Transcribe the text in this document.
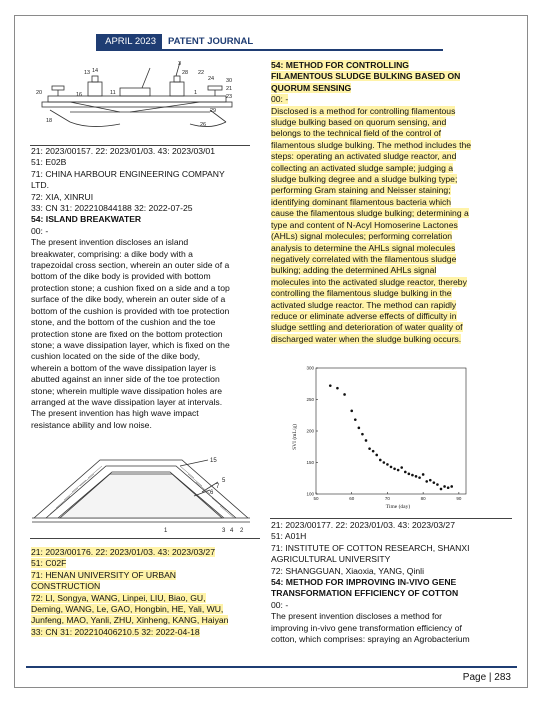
APRIL 2023	PATENT JOURNAL
3
28
13 14
11
16
22
24 30
20
21
23
1
29
18
26

21: 2023/00157. 22: 2023/01/03. 43: 2023/03/01

51: E02B

71: CHINA HARBOUR ENGINEERING COMPANY

LTD.

72: XIA, XINRUI

33: CN 31: 202210844188 32: 2022-07-25

54: ISLAND BREAKWATER

00: -

The present invention discloses an island

breakwater, comprising: a dike body with a

trapezoidal cross section, wherein an outer side of a

bottom of the dike body is provided with bottom

protection stone; a cushion fixed on a side and a top

surface of the dike body, wherein an outer side of a

bottom of the cushion is provided with toe protection

stone, and the bottom of the cushion and the toe

protection stone are fixed on the bottom protection

stone; a wave dissipation layer, which is fixed on the

cushion located on the side of the dike body,

wherein a bottom of the wave dissipation layer is

abutted against an inner side of the toe protection

stone; wherein multiple wave dissipation holes are

arranged at the wave dissipation layer at intervals.

The present invention has high wave impact

resistance ability and low noise.

15
5
7
6
1	3 4 2

21: 2023/00176. 22: 2023/01/03. 43: 2023/03/27

51: C02F

71: HENAN UNIVERSITY OF URBAN

CONSTRUCTION

72: LI, Songya, WANG, Linpei, LIU, Biao, GU,

Deming, WANG, Le, GAO, Hongbin, HE, Yali, WU,

Junfeng, MAO, Yanli, ZHU, Xinheng, KANG, Haiyan

33: CN 31: 202210406210.5 32: 2022-04-18

54: METHOD FOR CONTROLLING

FILAMENTOUS SLUDGE BULKING BASED ON

QUORUM SENSING

00: -

Disclosed is a method for controlling filamentous

sludge bulking based on quorum sensing, and

belongs to the technical field of the control of

filamentous sludge bulking. The method includes the

steps: operating an activated sludge reactor, and

collecting an activated sludge sample; judging a

sludge bulking degree and a sludge bulking type;

performing Gram staining and Neisser staining;

identifying dominant filamentous bacteria which

cause the filamentous sludge bulking; determining a

type and content of N-Acyl Homoserine Lactones

(AHLs) signal molecules; performing correlation

analysis to determine the AHLs signal molecules

negatively correlated with the filamentous sludge

bulking; adding the determined AHLs signal

molecules into the activated sludge reactor, thereby

controlling the filamentous sludge bulking in the

activated sludge reactor. The method can rapidly

reduce or eliminate adverse effects of difficulty in

sludge settling and deterioration of water quality of

discharged water when the sludge bulking occurs.

50	60	70	80	90
100
150
200
250
300
Time (day)
SVI (mL/g)

21: 2023/00177. 22: 2023/01/03. 43: 2023/03/27

51: A01H

71: INSTITUTE OF COTTON RESEARCH, SHANXI

AGRICULTURAL UNIVERSITY

72: SHANGGUAN, Xiaoxia, YANG, Qinli

54: METHOD FOR IMPROVING IN-VIVO GENE

TRANSFORMATION EFFICIENCY OF COTTON

00: -

The present invention discloses a method for

improving in-vivo gene transformation efficiency of

cotton, which comprises: spraying an Agrobacterium

Page | 283
